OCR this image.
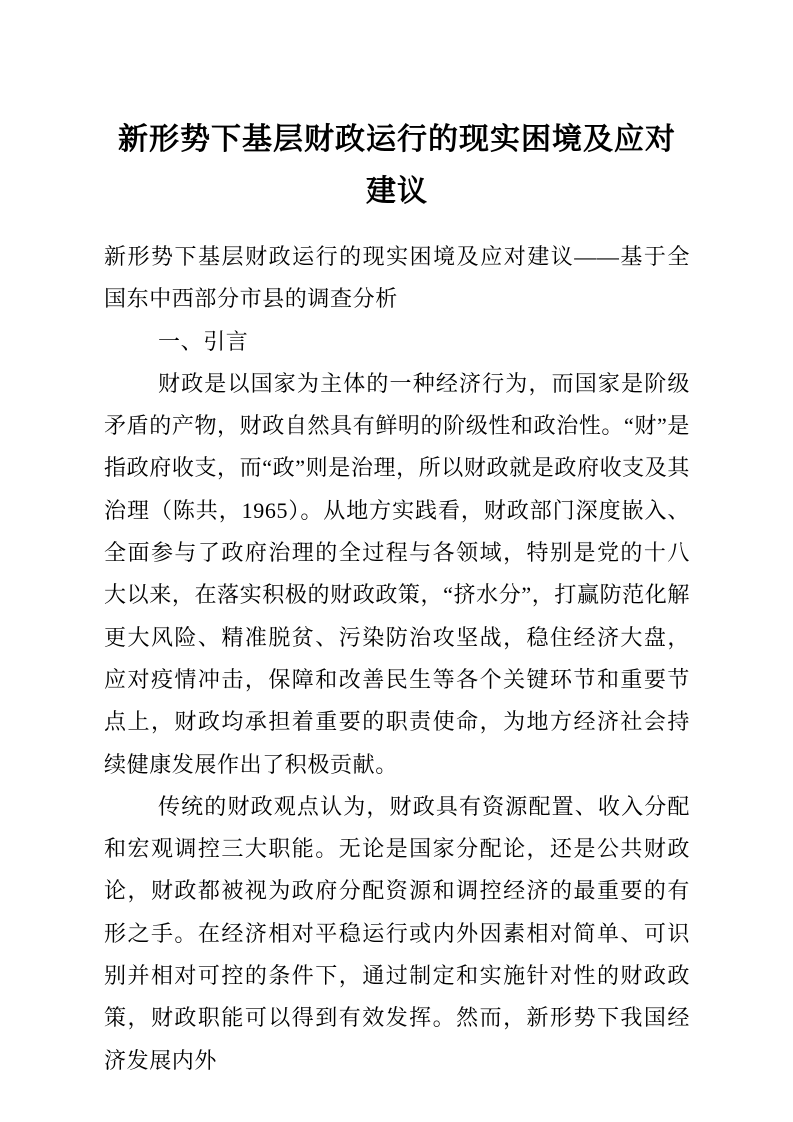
新形势下基层财政运行的现实困境及应对
建议

新形势下基层财政运行的现实困境及应对建议——基于全国东中西部分市县的调查分析

一、引言

财政是以国家为主体的一种经济行为，而国家是阶级矛盾的产物，财政自然具有鲜明的阶级性和政治性。“财”是指政府收支，而“政”则是治理，所以财政就是政府收支及其治理（陈共，1965）。从地方实践看，财政部门深度嵌入、全面参与了政府治理的全过程与各领域，特别是党的十八大以来，在落实积极的财政政策，“挤水分”，打赢防范化解更大风险、精准脱贫、污染防治攻坚战，稳住经济大盘，应对疫情冲击，保障和改善民生等各个关键环节和重要节点上，财政均承担着重要的职责使命，为地方经济社会持续健康发展作出了积极贡献。

传统的财政观点认为，财政具有资源配置、收入分配和宏观调控三大职能。无论是国家分配论，还是公共财政论，财政都被视为政府分配资源和调控经济的最重要的有形之手。在经济相对平稳运行或内外因素相对简单、可识别并相对可控的条件下，通过制定和实施针对性的财政政策，财政职能可以得到有效发挥。然而，新形势下我国经济发展内外
